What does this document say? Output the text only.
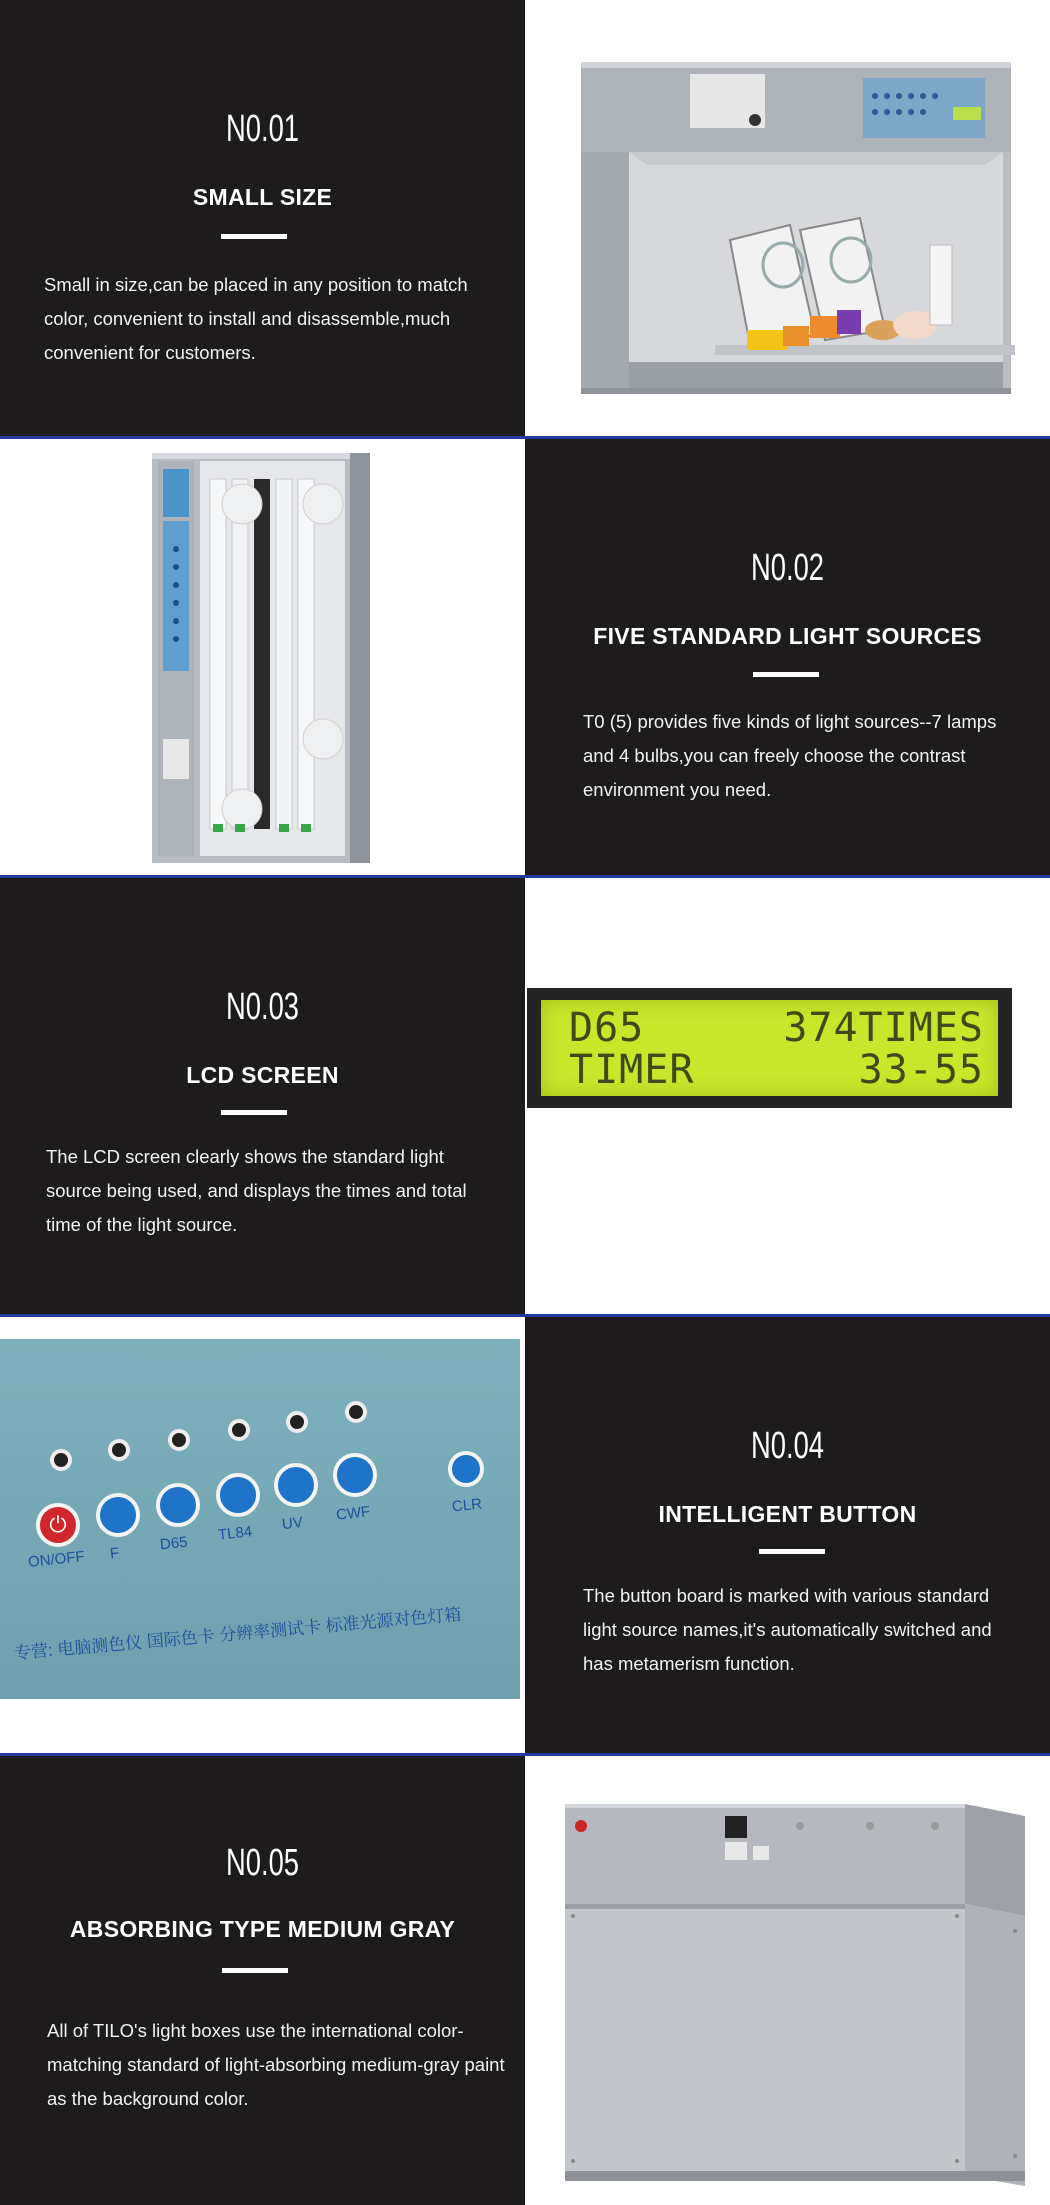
N0.01
SMALL SIZE
Small in size,can be placed in any position to match color, convenient to install and disassemble,much convenient for customers.
N0.02
FIVE STANDARD LIGHT SOURCES
T0 (5) provides five kinds of light sources--7 lamps and 4 bulbs,you can freely choose the contrast environment you need.
N0.03
LCD SCREEN
The LCD screen clearly shows the standard light source being used, and displays the times and total time of the light source.
D65	374TIMES
TIMER	33-55
⏻
ON/OFF F
D65 TL84 UV CWF	CLR
专营: 电脑测色仪 国际色卡 分辨率测试卡 标准光源对色灯箱
N0.04
INTELLIGENT BUTTON
The button board is marked with various standard light source names,it's automatically switched and has metamerism function.
N0.05
ABSORBING TYPE MEDIUM GRAY
All of TILO's light boxes use the international color-matching standard of light-absorbing medium-gray paint as the background color.
